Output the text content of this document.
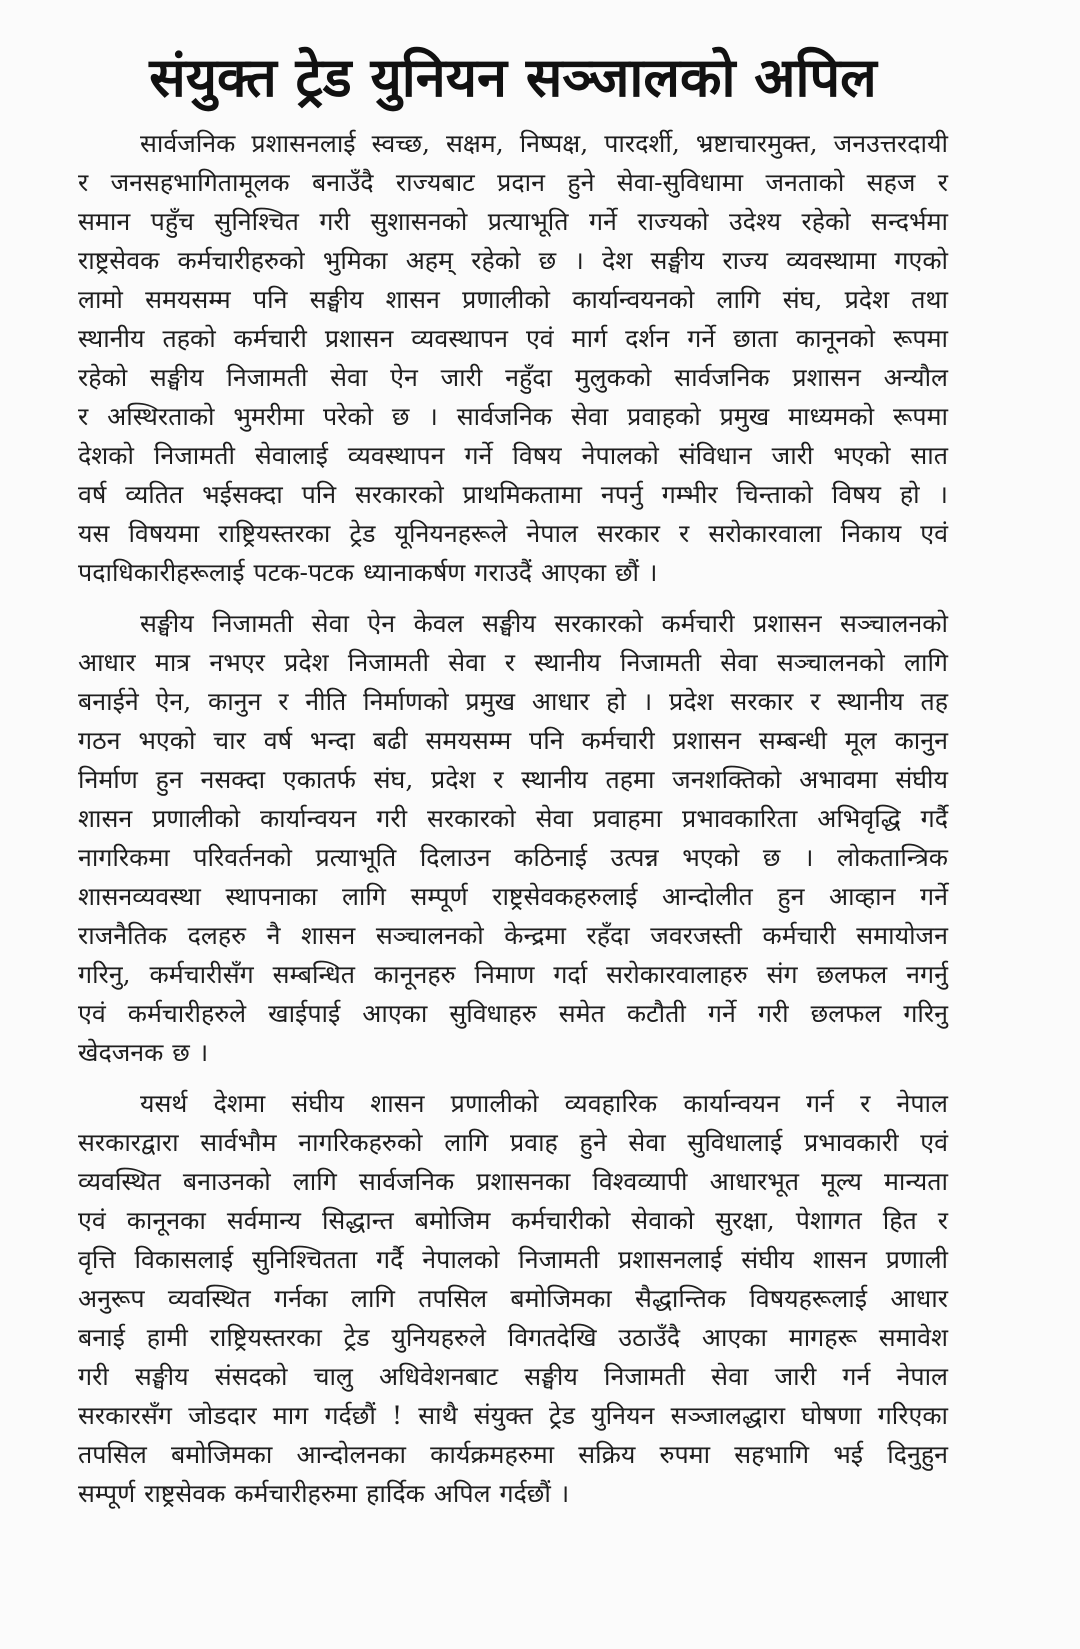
संयुक्त ट्रेड युनियन सञ्जालको अपिल
सार्वजनिक प्रशासनलाई स्वच्छ, सक्षम, निष्पक्ष, पारदर्शी, भ्रष्टाचारमुक्त, जनउत्तरदायी
र जनसहभागितामूलक बनाउँदै राज्यबाट प्रदान हुने सेवा-सुविधामा जनताको सहज र
समान पहुँच सुनिश्चित गरी सुशासनको प्रत्याभूति गर्ने राज्यको उदेश्य रहेको सन्दर्भमा
राष्ट्रसेवक कर्मचारीहरुको भुमिका अहम् रहेको छ । देश सङ्घीय राज्य व्यवस्थामा गएको
लामो समयसम्म पनि सङ्घीय शासन प्रणालीको कार्यान्वयनको लागि संघ, प्रदेश तथा
स्थानीय तहको कर्मचारी प्रशासन व्यवस्थापन एवं मार्ग दर्शन गर्ने छाता कानूनको रूपमा
रहेको सङ्घीय निजामती सेवा ऐन जारी नहुँदा मुलुकको सार्वजनिक प्रशासन अन्यौल
र अस्थिरताको भुमरीमा परेको छ । सार्वजनिक सेवा प्रवाहको प्रमुख माध्यमको रूपमा
देशको निजामती सेवालाई व्यवस्थापन गर्ने विषय नेपालको संविधान जारी भएको सात
वर्ष व्यतित भईसक्दा पनि सरकारको प्राथमिकतामा नपर्नु गम्भीर चिन्ताको विषय हो ।
यस विषयमा राष्ट्रियस्तरका ट्रेड यूनियनहरूले नेपाल सरकार र सरोकारवाला निकाय एवं
पदाधिकारीहरूलाई पटक-पटक ध्यानाकर्षण गराउदैं आएका छौं ।
सङ्घीय निजामती सेवा ऐन केवल सङ्घीय सरकारको कर्मचारी प्रशासन सञ्चालनको
आधार मात्र नभएर प्रदेश निजामती सेवा र स्थानीय निजामती सेवा सञ्चालनको लागि
बनाईने ऐन, कानुन र नीति निर्माणको प्रमुख आधार हो । प्रदेश सरकार र स्थानीय तह
गठन भएको चार वर्ष भन्दा बढी समयसम्म पनि कर्मचारी प्रशासन सम्बन्धी मूल कानुन
निर्माण हुन नसक्दा एकातर्फ संघ, प्रदेश र स्थानीय तहमा जनशक्तिको अभावमा संघीय
शासन प्रणालीको कार्यान्वयन गरी सरकारको सेवा प्रवाहमा प्रभावकारिता अभिवृद्धि गर्दै
नागरिकमा परिवर्तनको प्रत्याभूति दिलाउन कठिनाई उत्पन्न भएको छ । लोकतान्त्रिक
शासनव्यवस्था स्थापनाका लागि सम्पूर्ण राष्ट्रसेवकहरुलाई आन्दोलीत हुन आव्हान गर्ने
राजनैतिक दलहरु नै शासन सञ्चालनको केन्द्रमा रहँदा जवरजस्ती कर्मचारी समायोजन
गरिनु, कर्मचारीसँग सम्बन्धित कानूनहरु निमाण गर्दा सरोकारवालाहरु संग छलफल नगर्नु
एवं कर्मचारीहरुले खाईपाई आएका सुविधाहरु समेत कटौती गर्ने गरी छलफल गरिनु
खेदजनक छ ।
यसर्थ देशमा संघीय शासन प्रणालीको व्यवहारिक कार्यान्वयन गर्न र नेपाल
सरकारद्वारा सार्वभौम नागरिकहरुको लागि प्रवाह हुने सेवा सुविधालाई प्रभावकारी एवं
व्यवस्थित बनाउनको लागि सार्वजनिक प्रशासनका विश्वव्यापी आधारभूत मूल्य मान्यता
एवं कानूनका सर्वमान्य सिद्धान्त बमोजिम कर्मचारीको सेवाको सुरक्षा, पेशागत हित र
वृत्ति विकासलाई सुनिश्चितता गर्दै नेपालको निजामती प्रशासनलाई संघीय शासन प्रणाली
अनुरूप व्यवस्थित गर्नका लागि तपसिल बमोजिमका सैद्धान्तिक विषयहरूलाई आधार
बनाई हामी राष्ट्रियस्तरका ट्रेड युनियहरुले विगतदेखि उठाउँदै आएका मागहरू समावेश
गरी सङ्घीय संसदको चालु अधिवेशनबाट सङ्घीय निजामती सेवा जारी गर्न नेपाल
सरकारसँग जोडदार माग गर्दछौं ! साथै संयुक्त ट्रेड युनियन सञ्जालद्धारा घोषणा गरिएका
तपसिल बमोजिमका आन्दोलनका कार्यक्रमहरुमा सक्रिय रुपमा सहभागि भई दिनुहुन
सम्पूर्ण राष्ट्रसेवक कर्मचारीहरुमा हार्दिक अपिल गर्दछौं ।
